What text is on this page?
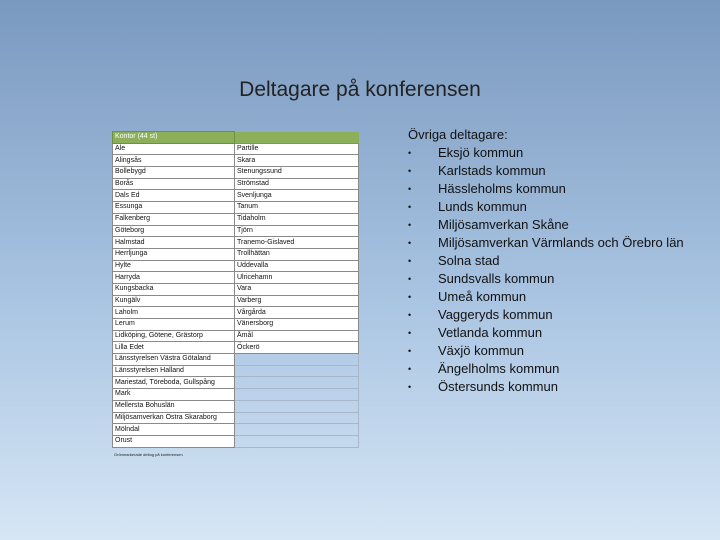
Deltagare på konferensen
Kontor (44 st)	
Ale	Partille
Alingsås	Skara
Bollebygd	Stenungssund
Borås	Strömstad
Dals Ed	Svenljunga
Essunga	Tanum
Falkenberg	Tidaholm
Göteborg	Tjörn
Halmstad	Tranemo-Gislaved
Herrljunga	Trollhättan
Hylte	Uddevalla
Harryda	Ulricehamn
Kungsbacka	Vara
Kungälv	Varberg
Laholm	Vårgårda
Lerum	Vänersborg
Lidköping, Götene, Grästorp	Åmål
Lilla Edet	Öckerö
Länsstyrelsen Västra Götaland	
Länsstyrelsen Halland	
Mariestad, Töreboda, Gullspång	
Mark	
Mellersta Bohuslän	
Miljösamverkan Östra Skaraborg	
Mölndal	
Orust	
Grönmarkerade deltog på konferensen
Övriga deltagare:
• Eksjö kommun
• Karlstads kommun
• Hässleholms kommun
• Lunds kommun
• Miljösamverkan Skåne
• Miljösamverkan Värmlands och Örebro län
• Solna stad
• Sundsvalls kommun
• Umeå kommun
• Vaggeryds kommun
• Vetlanda kommun
• Växjö kommun
• Ängelholms kommun
• Östersunds kommun
